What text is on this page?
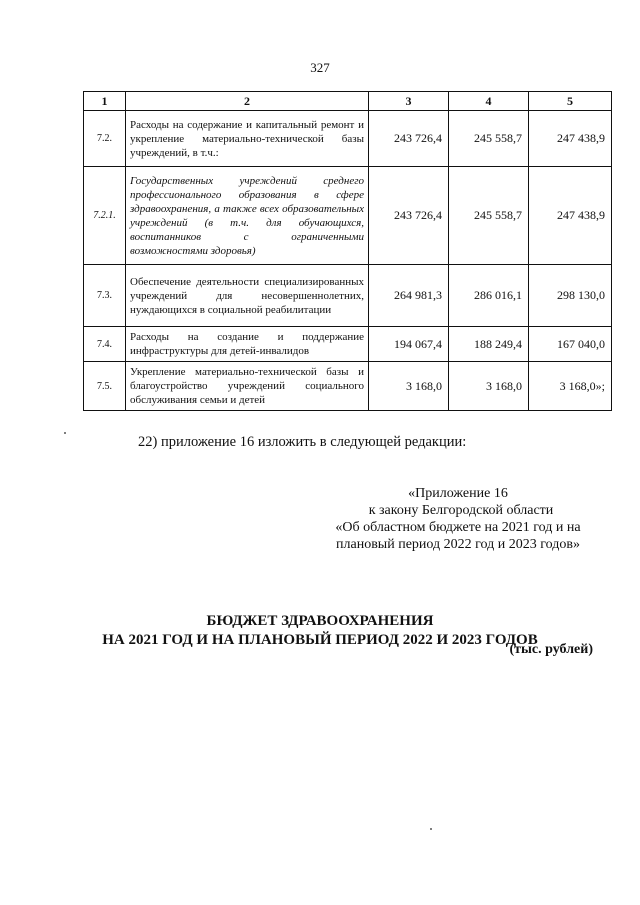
327
1	2	3	4	5
7.2.	Расходы на содержание и капитальный ремонт и укрепление материально-технической базы учреждений, в т.ч.:	243 726,4	245 558,7	247 438,9
7.2.1.	Государственных учреждений среднего профессионального образования в сфере здравоохранения, а также всех образовательных учреждений (в т.ч. для обучающихся, воспитанников с ограниченными возможностями здоровья)	243 726,4	245 558,7	247 438,9
7.3.	Обеспечение деятельности специализированных учреждений для несовершеннолетних, нуждающихся в социальной реабилитации	264 981,3	286 016,1	298 130,0
7.4.	Расходы на создание и поддержание инфраструктуры для детей-инвалидов	194 067,4	188 249,4	167 040,0
7.5.	Укрепление материально-технической базы и благоустройство учреждений социального обслуживания семьи и детей	3 168,0	3 168,0	3 168,0»;
22) приложение 16 изложить в следующей редакции:
«Приложение 16
к закону Белгородской области
«Об областном бюджете на 2021 год и на
плановый период 2022 год и 2023 годов»
БЮДЖЕТ ЗДРАВООХРАНЕНИЯ
НА 2021 ГОД И НА ПЛАНОВЫЙ ПЕРИОД 2022 И 2023 ГОДОВ
(тыс. рублей)
